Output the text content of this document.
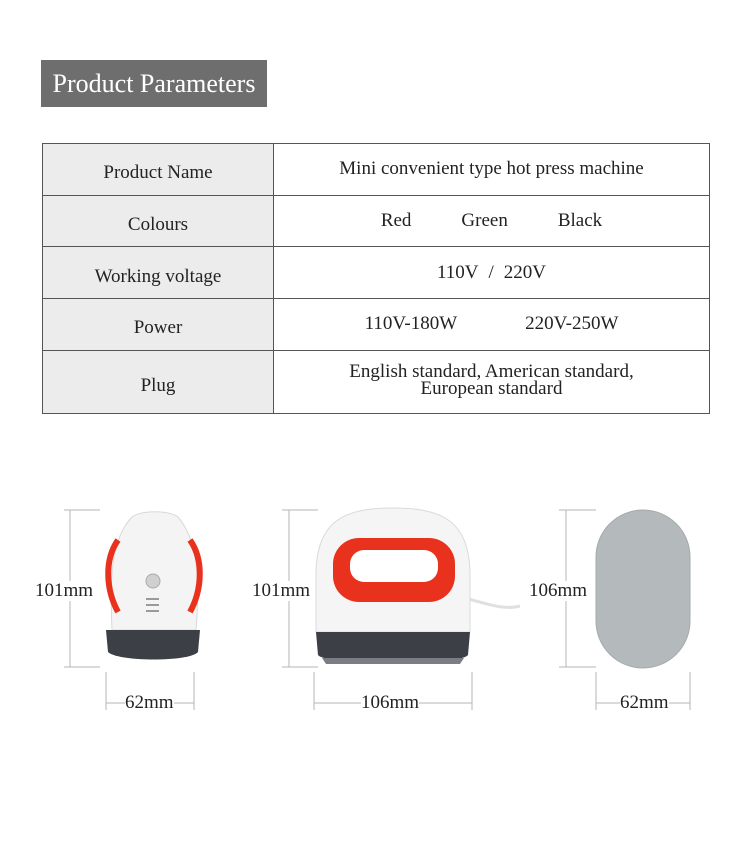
Product Parameters
Product Name	Mini convenient type hot press machine
Colours	Red Green Black
Working voltage	110V / 220V
Power	110V-180W 220V-250W
Plug	English standard, American standard,
European standard
101mm
62mm
101mm
106mm
106mm
62mm
